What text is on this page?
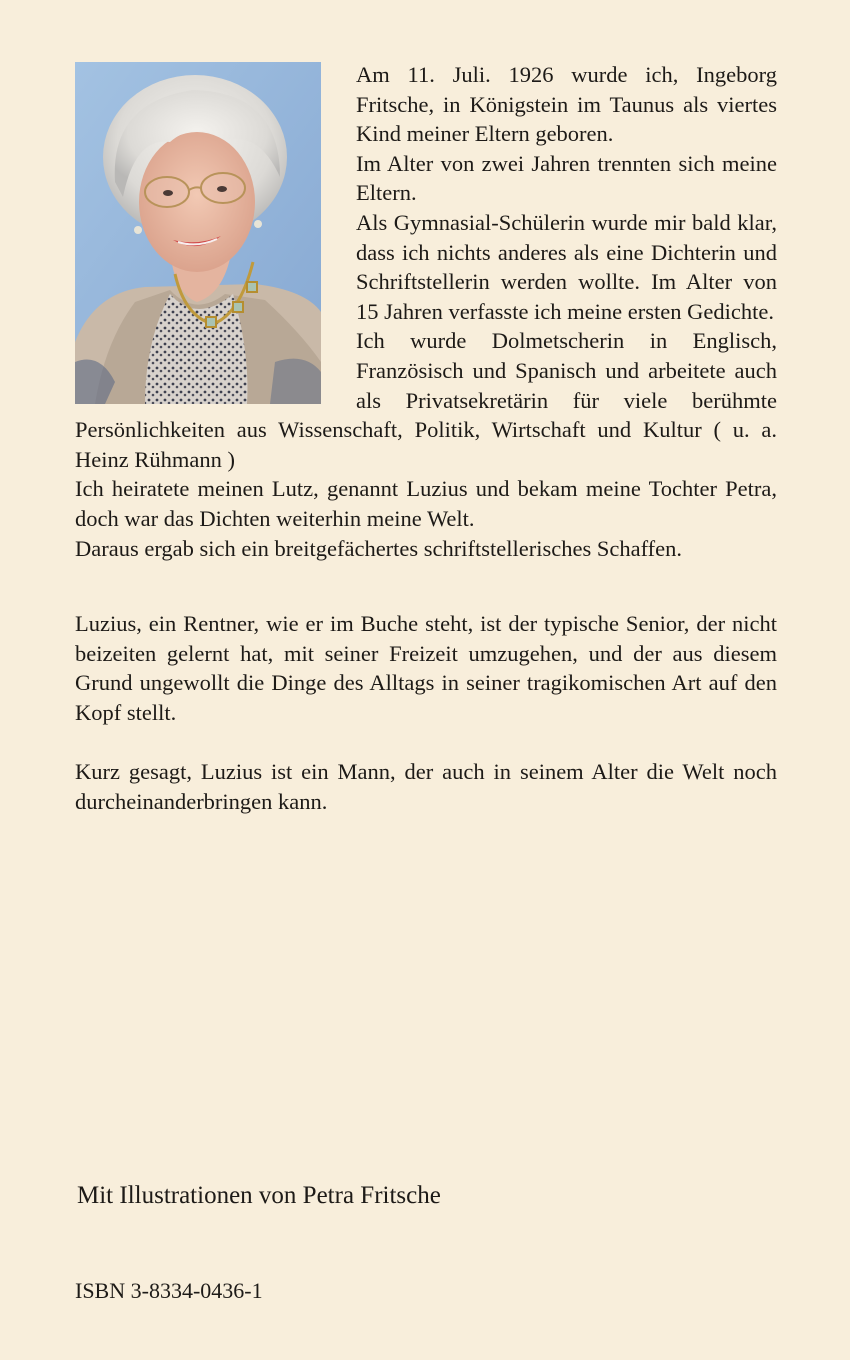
Am 11. Juli. 1926 wurde ich, Ingeborg Fritsche, in Königstein im Taunus als viertes Kind meiner Eltern geboren.

Im Alter von zwei Jahren trennten sich meine Eltern.

Als Gymnasial-Schülerin wurde mir bald klar, dass ich nichts anderes als eine Dichterin und Schriftstellerin werden wollte. Im Alter von 15 Jahren verfasste ich meine ersten Gedichte.

Ich wurde Dolmetscherin in Englisch, Französisch und Spanisch und arbeitete auch als Privatsekretärin für viele berühmte Persönlichkeiten aus Wissenschaft, Politik, Wirtschaft und Kultur ( u. a. Heinz Rühmann )

Ich heiratete meinen Lutz, genannt Luzius und bekam meine Tochter Petra, doch war das Dichten weiterhin meine Welt.

Daraus ergab sich ein breitgefächertes schriftstellerisches Schaffen.

Luzius, ein Rentner, wie er im Buche steht, ist der typische Senior, der nicht beizeiten gelernt hat, mit seiner Freizeit umzugehen, und der aus diesem Grund ungewollt die Dinge des Alltags in seiner tragikomischen Art auf den Kopf stellt.

Kurz gesagt, Luzius ist ein Mann, der auch in seinem Alter die Welt noch durcheinanderbringen kann.

Mit Illustrationen von Petra Fritsche
ISBN 3-8334-0436-1
